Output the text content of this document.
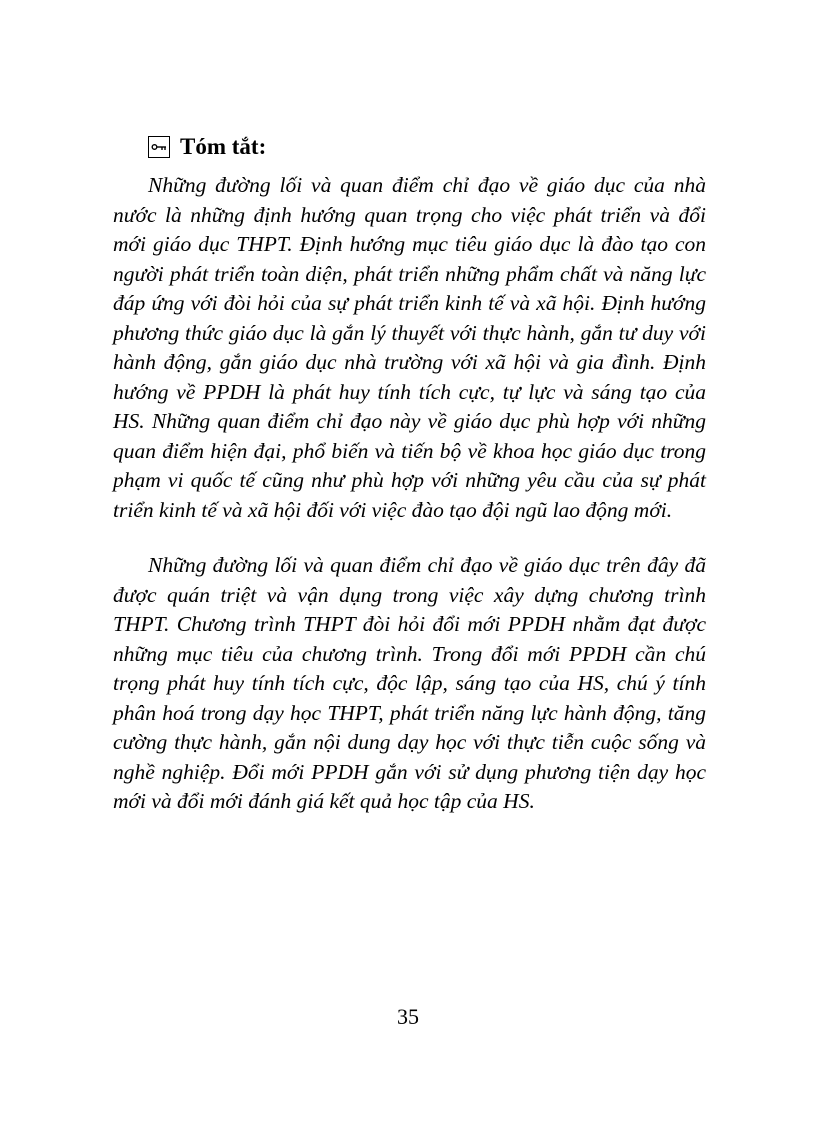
Tóm tắt:

Những đường lối và quan điểm chỉ đạo về giáo dục của nhà nước là những định hướng quan trọng cho việc phát triển và đổi mới giáo dục THPT. Định hướng mục tiêu giáo dục là đào tạo con người phát triển toàn diện, phát triển những phẩm chất và năng lực đáp ứng với đòi hỏi của sự phát triển kinh tế và xã hội. Định hướng phương thức giáo dục là gắn lý thuyết với thực hành, gắn tư duy với hành động, gắn giáo dục nhà trường với xã hội và gia đình. Định hướng về PPDH là phát huy tính tích cực, tự lực và sáng tạo của HS. Những quan điểm chỉ đạo này về giáo dục phù hợp với những quan điểm hiện đại, phổ biến và tiến bộ về khoa học giáo dục trong phạm vi quốc tế cũng như phù hợp với những yêu cầu của sự phát triển kinh tế và xã hội đối với việc đào tạo đội ngũ lao động mới.

Những đường lối và quan điểm chỉ đạo về giáo dục trên đây đã được quán triệt và vận dụng trong việc xây dựng chương trình THPT. Chương trình THPT đòi hỏi đổi mới PPDH nhằm đạt được những mục tiêu của chương trình. Trong đổi mới PPDH cần chú trọng phát huy tính tích cực, độc lập, sáng tạo của HS, chú ý tính phân hoá trong dạy học THPT, phát triển năng lực hành động, tăng cường thực hành, gắn nội dung dạy học với thực tiễn cuộc sống và nghề nghiệp. Đổi mới PPDH gắn với sử dụng phương tiện dạy học mới và đổi mới đánh giá kết quả học tập của HS.

35
